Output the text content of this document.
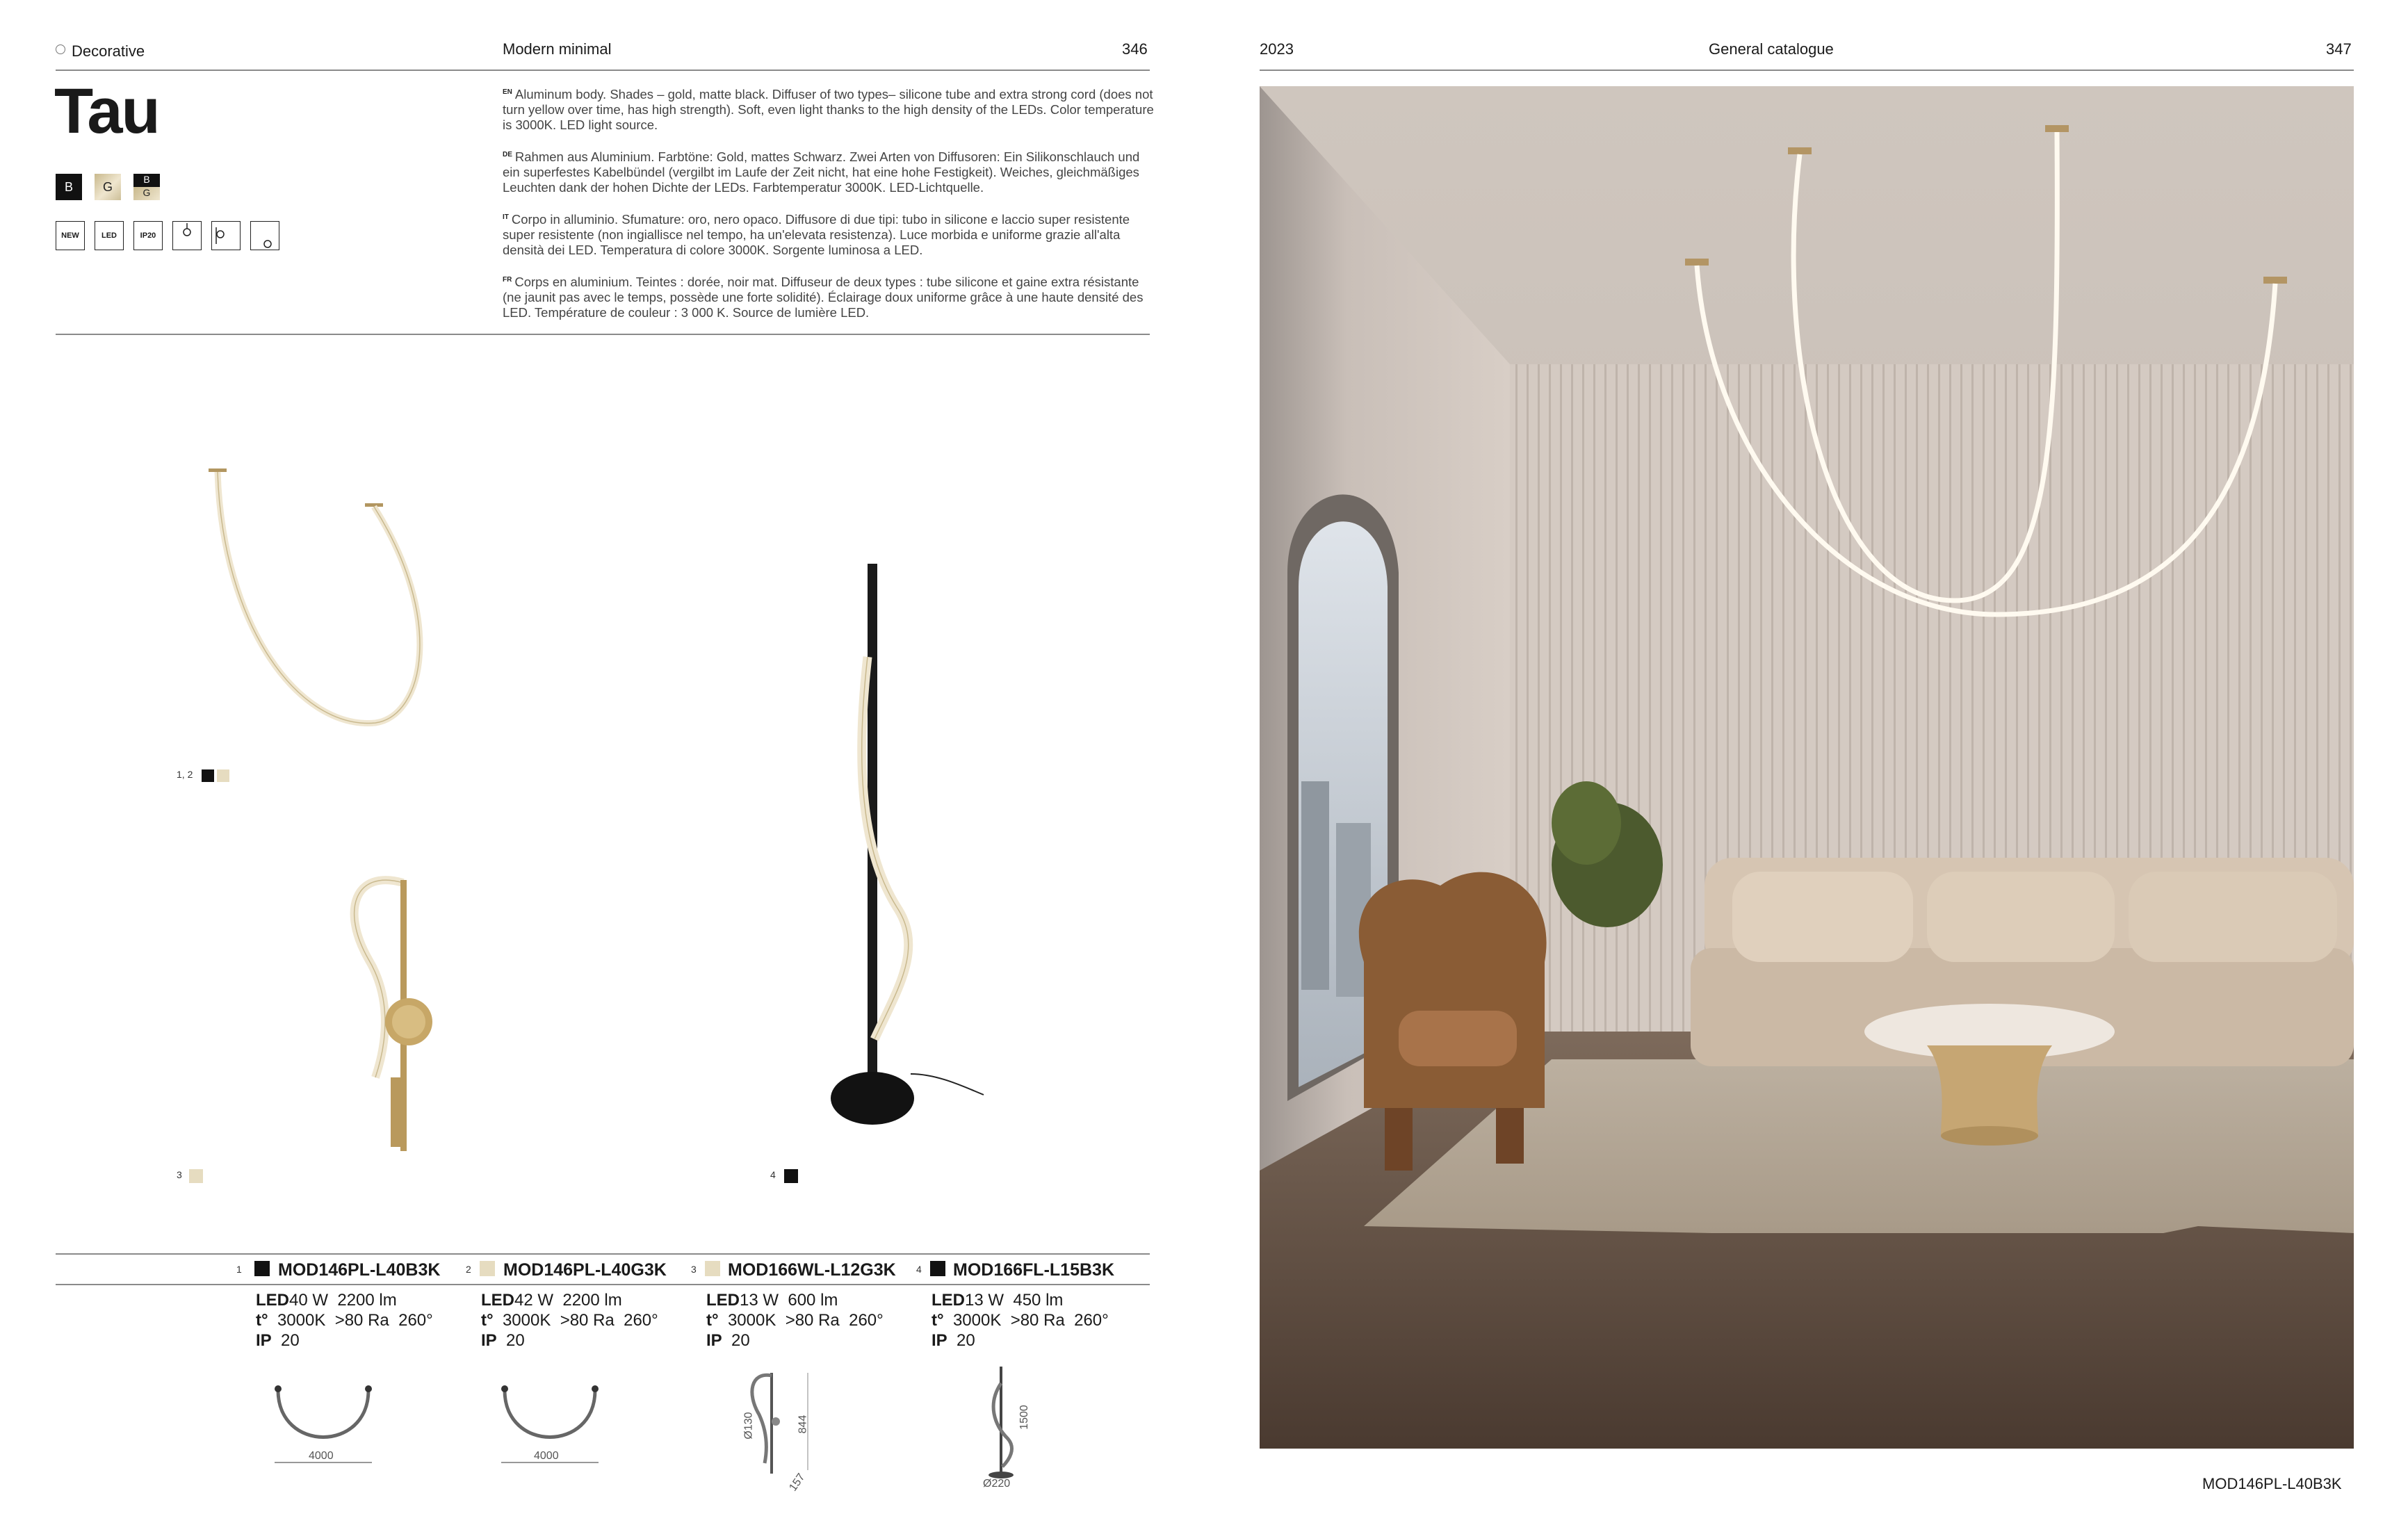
Decorative	Modern minimal	346
Tau
B G
B
G
NEW	LED	IP20
$^{EN}$ Aluminum body. Shades – gold, matte black. Diffuser of two types– silicone tube and extra strong cord (does not turn yellow over time, has high strength). Soft, even light thanks to the high density of the LEDs. Color temperature is 3000K. LED light source.
$^{DE}$ Rahmen aus Aluminium. Farbtöne: Gold, mattes Schwarz. Zwei Arten von Diffusoren: Ein Silikonschlauch und ein superfestes Kabelbündel (vergilbt im Laufe der Zeit nicht, hat eine hohe Festigkeit). Weiches, gleichmäßiges Leuchten dank der hohen Dichte der LEDs. Farbtemperatur 3000K. LED-Lichtquelle.
$^{IT}$ Corpo in alluminio. Sfumature: oro, nero opaco. Diffusore di due tipi: tubo in silicone e laccio super resistente super resistente (non ingiallisce nel tempo, ha un'elevata resistenza). Luce morbida e uniforme grazie all'alta densità dei LED. Temperatura di colore 3000K. Sorgente luminosa a LED.
$^{FR}$ Corps en aluminium. Teintes : dorée, noir mat. Diffuseur de deux types : tube silicone et gaine extra résistante (ne jaunit pas avec le temps, possède une forte solidité). Éclairage doux uniforme grâce à une haute densité des LED. Température de couleur : 3 000 K. Source de lumière LED.
1, 2
3	4
1 MOD146PL-L40B3K
LED40 W 2200 lm
t° 3000K >80 Ra 260°
IP 20
4000
2 MOD146PL-L40G3K
LED42 W 2200 lm
t° 3000K >80 Ra 260°
IP 20
4000
3 MOD166WL-L12G3K
LED13 W 600 lm
t° 3000K >80 Ra 260°
IP 20
844
Ø130
157
4 MOD166FL-L15B3K
LED13 W 450 lm
t° 3000K >80 Ra 260°
IP 20
1500
Ø220
2023	General catalogue	347
MOD146PL-L40B3K
